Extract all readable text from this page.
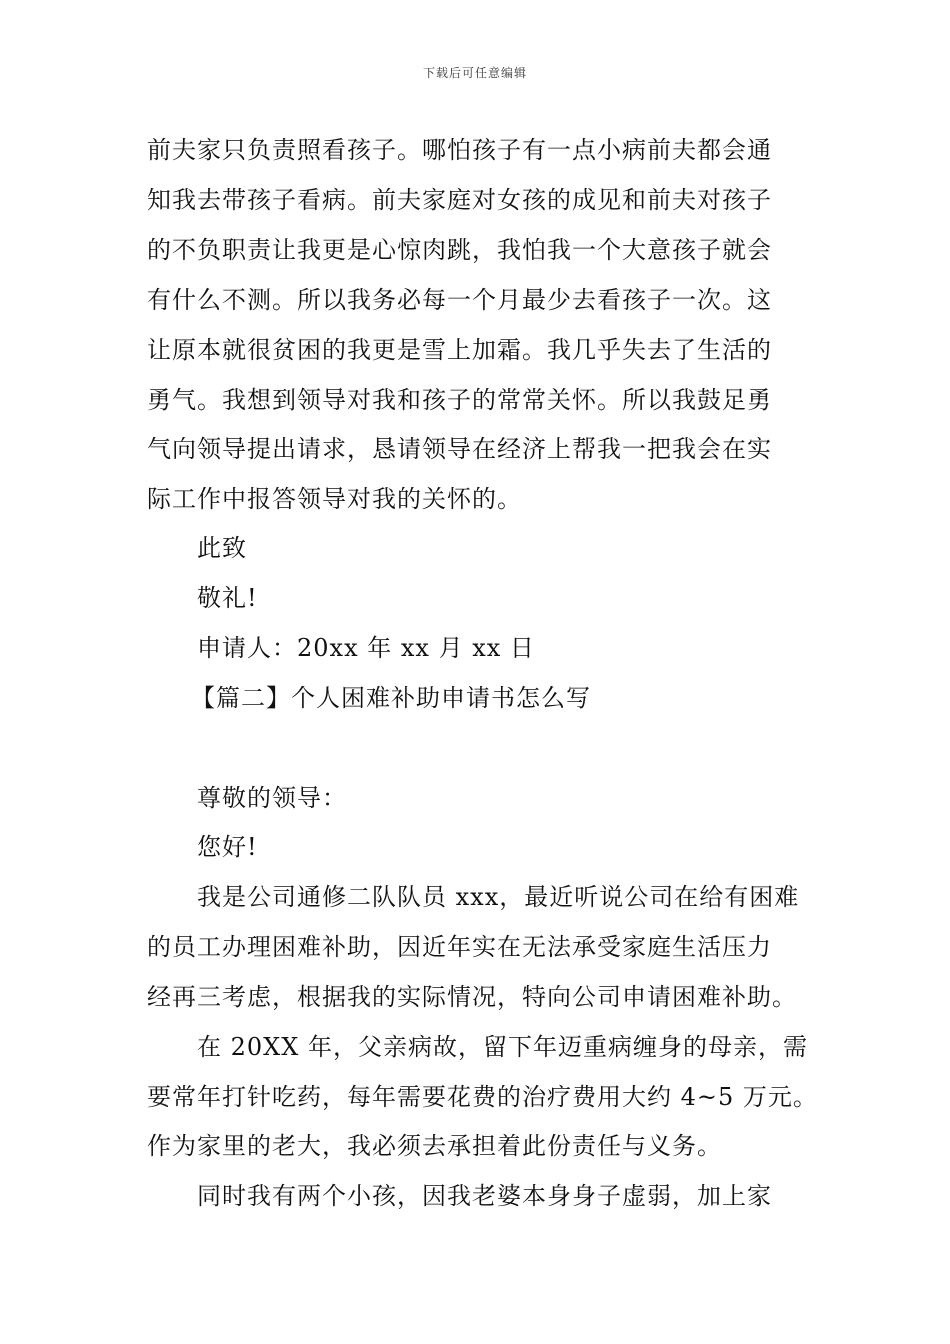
下载后可任意编辑
前夫家只负责照看孩子。哪怕孩子有一点小病前夫都会通
知我去带孩子看病。前夫家庭对女孩的成见和前夫对孩子
的不负职责让我更是心惊肉跳，我怕我一个大意孩子就会
有什么不测。所以我务必每一个月最少去看孩子一次。这
让原本就很贫困的我更是雪上加霜。我几乎失去了生活的
勇气。我想到领导对我和孩子的常常关怀。所以我鼓足勇
气向领导提出请求，恳请领导在经济上帮我一把我会在实
际工作中报答领导对我的关怀的。
此致
敬礼!
申请人：20xx 年 xx 月 xx 日
【篇二】个人困难补助申请书怎么写
尊敬的领导：
您好!
我是公司通修二队队员 xxx，最近听说公司在给有困难
的员工办理困难补助，因近年实在无法承受家庭生活压力
经再三考虑，根据我的实际情况，特向公司申请困难补助。
在 20XX 年，父亲病故，留下年迈重病缠身的母亲，需
要常年打针吃药，每年需要花费的治疗费用大约 4~5 万元。
作为家里的老大，我必须去承担着此份责任与义务。
同时我有两个小孩，因我老婆本身身子虚弱，加上家
